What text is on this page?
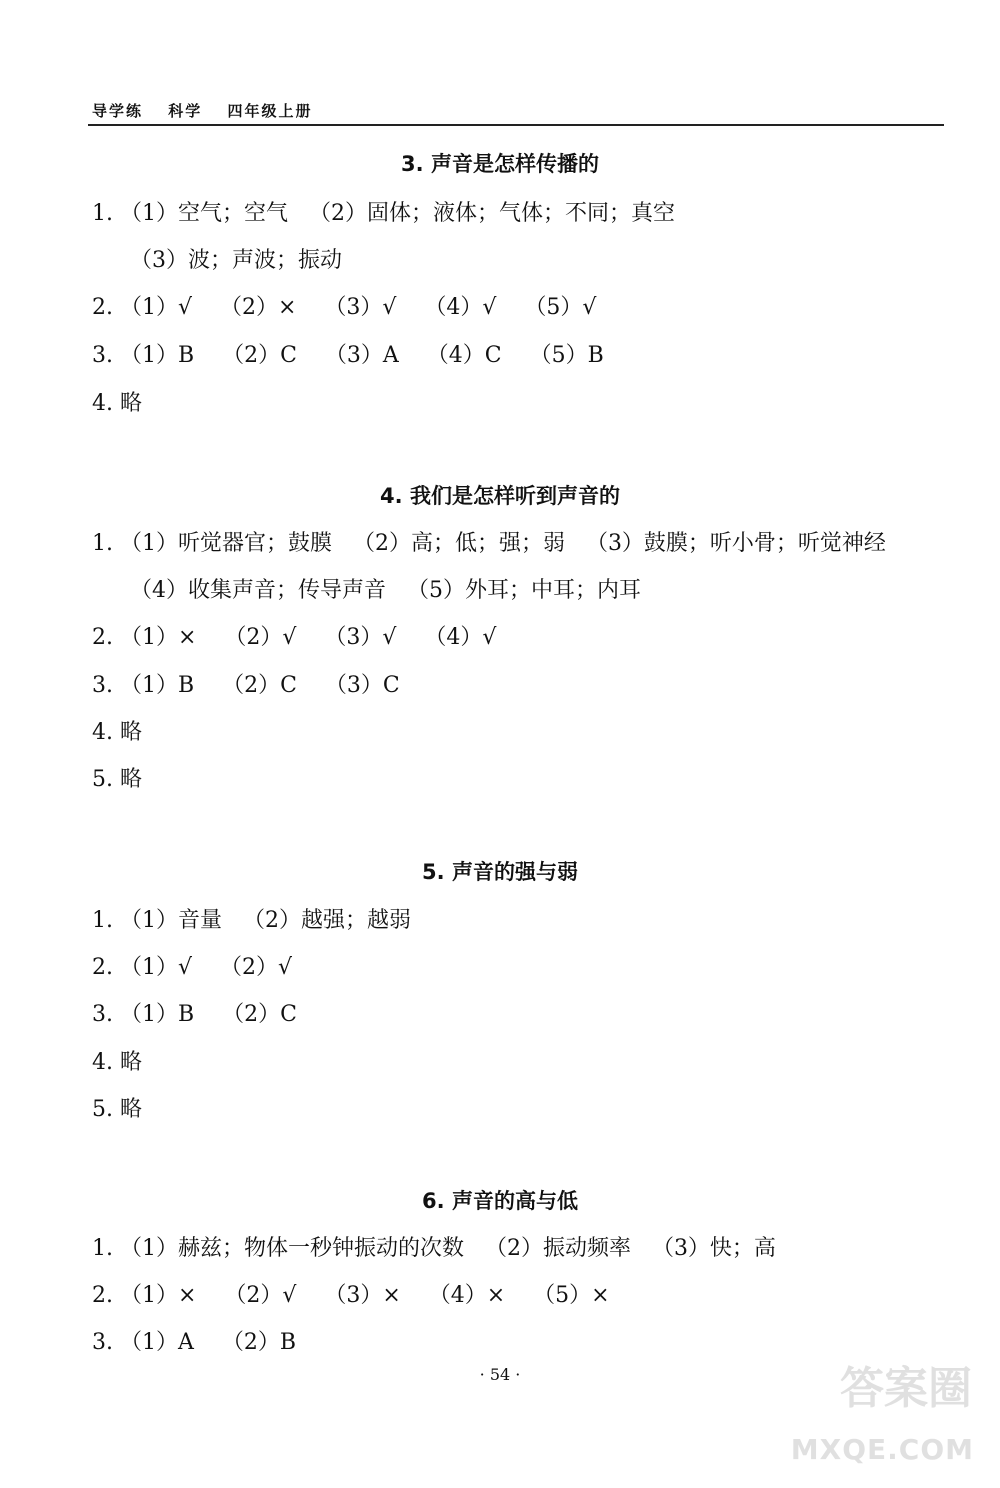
导学练 科学 四年级上册
3. 声音是怎样传播的
1. （1）空气；空气   （2）固体；液体；气体；不同；真空
（3）波；声波；振动
2. （1）√    （2）×    （3）√    （4）√    （5）√
3. （1）B    （2）C    （3）A    （4）C    （5）B
4. 略
4. 我们是怎样听到声音的
1. （1）听觉器官；鼓膜   （2）高；低；强；弱   （3）鼓膜；听小骨；听觉神经
（4）收集声音；传导声音   （5）外耳；中耳；内耳
2. （1）×    （2）√    （3）√    （4）√
3. （1）B    （2）C    （3）C
4. 略
5. 略
5. 声音的强与弱
1. （1）音量   （2）越强；越弱
2. （1）√    （2）√
3. （1）B    （2）C
4. 略
5. 略
6. 声音的高与低
1. （1）赫兹；物体一秒钟振动的次数   （2）振动频率   （3）快；高
2. （1）×    （2）√    （3）×    （4）×    （5）×
3. （1）A    （2）B
· 54 ·	答案圈
MXQE.COM
